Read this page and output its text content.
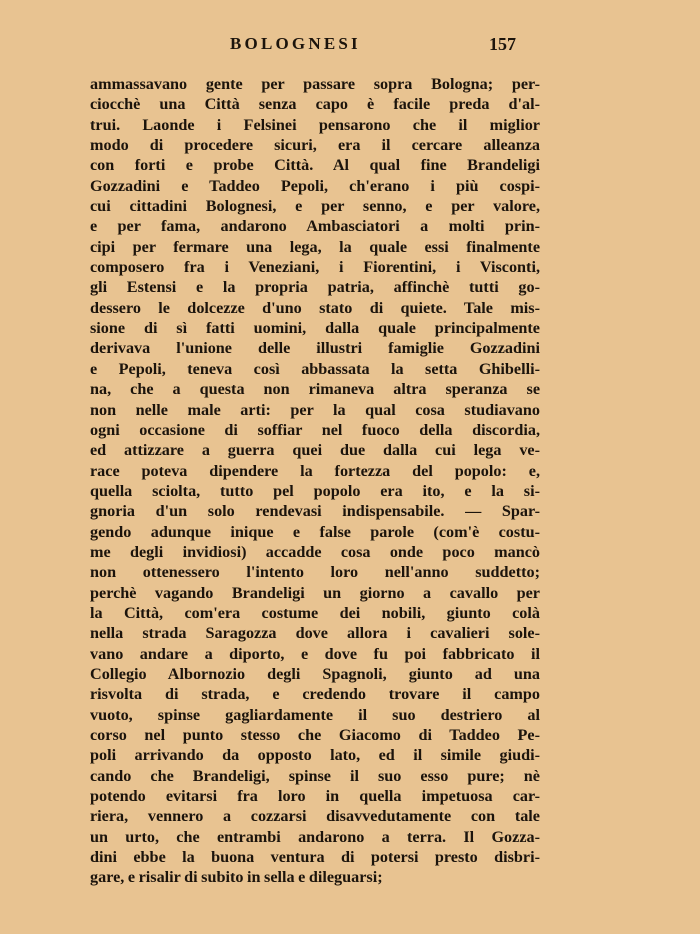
BOLOGNESI	157
ammassavano gente per passare sopra Bologna; per-
ciocchè una Città senza capo è facile preda d'al-
trui. Laonde i Felsinei pensarono che il miglior
modo di procedere sicuri, era il cercare alleanza
con forti e probe Città. Al qual fine Brandeligi
Gozzadini e Taddeo Pepoli, ch'erano i più cospi-
cui cittadini Bolognesi, e per senno, e per valore,
e per fama, andarono Ambasciatori a molti prin-
cipi per fermare una lega, la quale essi finalmente
composero fra i Veneziani, i Fiorentini, i Visconti,
gli Estensi e la propria patria, affinchè tutti go-
dessero le dolcezze d'uno stato di quiete. Tale mis-
sione di sì fatti uomini, dalla quale principalmente
derivava l'unione delle illustri famiglie Gozzadini
e Pepoli, teneva così abbassata la setta Ghibelli-
na, che a questa non rimaneva altra speranza se
non nelle male arti: per la qual cosa studiavano
ogni occasione di soffiar nel fuoco della discordia,
ed attizzare a guerra quei due dalla cui lega ve-
race poteva dipendere la fortezza del popolo: e,
quella sciolta, tutto pel popolo era ito, e la si-
gnoria d'un solo rendevasi indispensabile. — Spar-
gendo adunque inique e false parole (com'è costu-
me degli invidiosi) accadde cosa onde poco mancò
non ottenessero l'intento loro nell'anno suddetto;
perchè vagando Brandeligi un giorno a cavallo per
la Città, com'era costume dei nobili, giunto colà
nella strada Saragozza dove allora i cavalieri sole-
vano andare a diporto, e dove fu poi fabbricato il
Collegio Albornozio degli Spagnoli, giunto ad una
risvolta di strada, e credendo trovare il campo
vuoto, spinse gagliardamente il suo destriero al
corso nel punto stesso che Giacomo di Taddeo Pe-
poli arrivando da opposto lato, ed il simile giudi-
cando che Brandeligi, spinse il suo esso pure; nè
potendo evitarsi fra loro in quella impetuosa car-
riera, vennero a cozzarsi disavvedutamente con tale
un urto, che entrambi andarono a terra. Il Gozza-
dini ebbe la buona ventura di potersi presto disbri-
gare, e risalir di subito in sella e dileguarsi;
